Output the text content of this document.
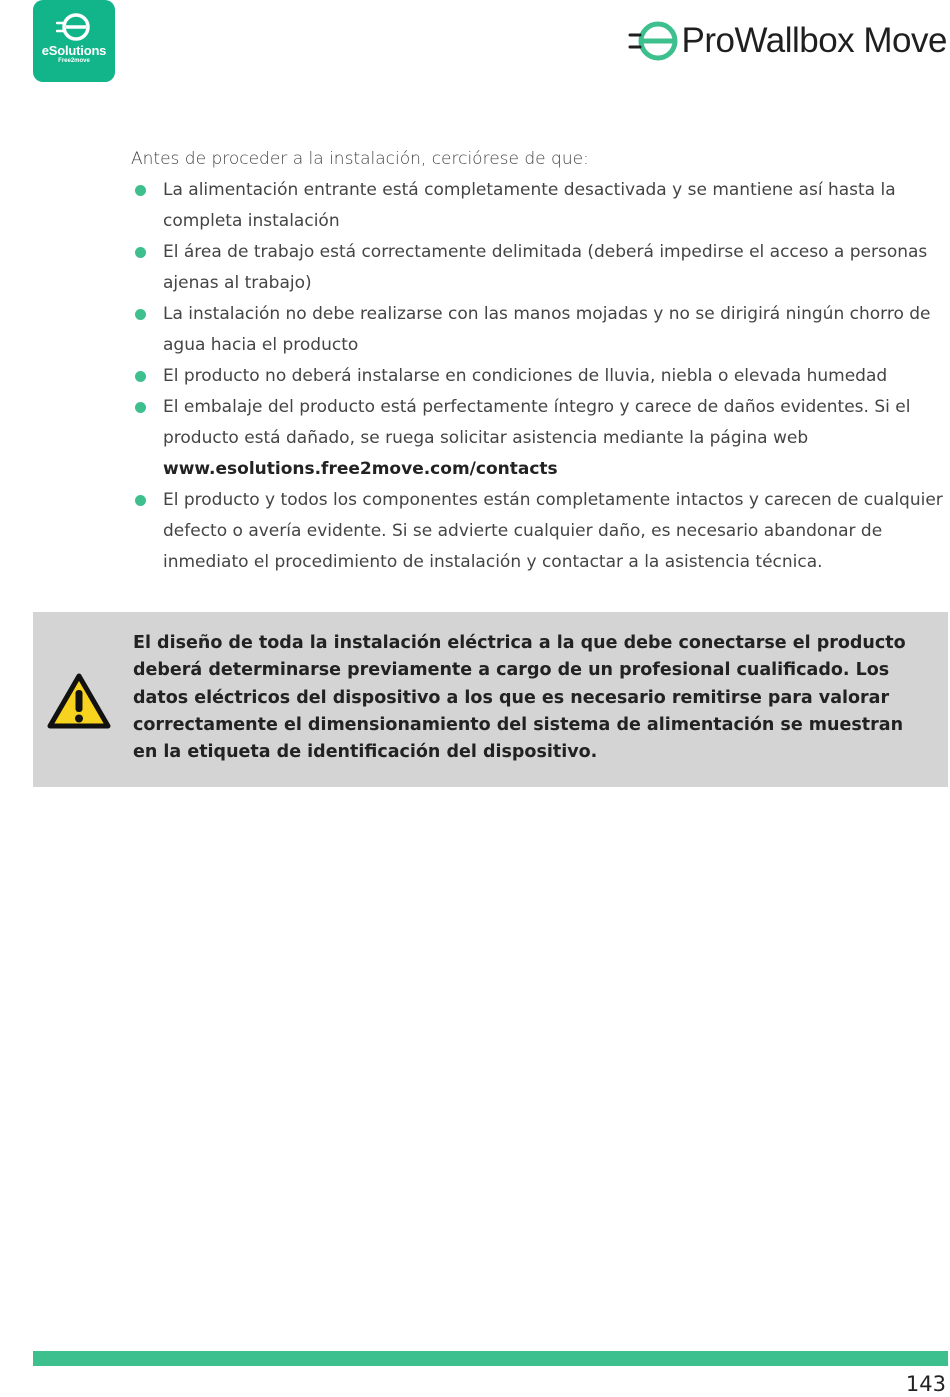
eSolutions
Free2move
ProWallbox Move
Antes de proceder a la instalación, cerciórese de que:
La alimentación entrante está completamente desactivada y se mantiene así hasta la completa instalación
El área de trabajo está correctamente delimitada (deberá impedirse el acceso a personas ajenas al trabajo)
La instalación no debe realizarse con las manos mojadas y no se dirigirá ningún chorro de agua hacia el producto
El producto no deberá instalarse en condiciones de lluvia, niebla o elevada humedad
El embalaje del producto está perfectamente íntegro y carece de daños evidentes. Si el producto está dañado, se ruega solicitar asistencia mediante la página web
www.esolutions.free2move.com/contacts
El producto y todos los componentes están completamente intactos y carecen de cualquier defecto o avería evidente. Si se advierte cualquier daño, es necesario abandonar de inmediato el procedimiento de instalación y contactar a la asistencia técnica.
El diseño de toda la instalación eléctrica a la que debe conectarse el producto deberá determinarse previamente a cargo de un profesional cualificado. Los datos eléctricos del dispositivo a los que es necesario remitirse para valorar correctamente el dimensionamiento del sistema de alimentación se muestran en la etiqueta de identificación del dispositivo.
143
